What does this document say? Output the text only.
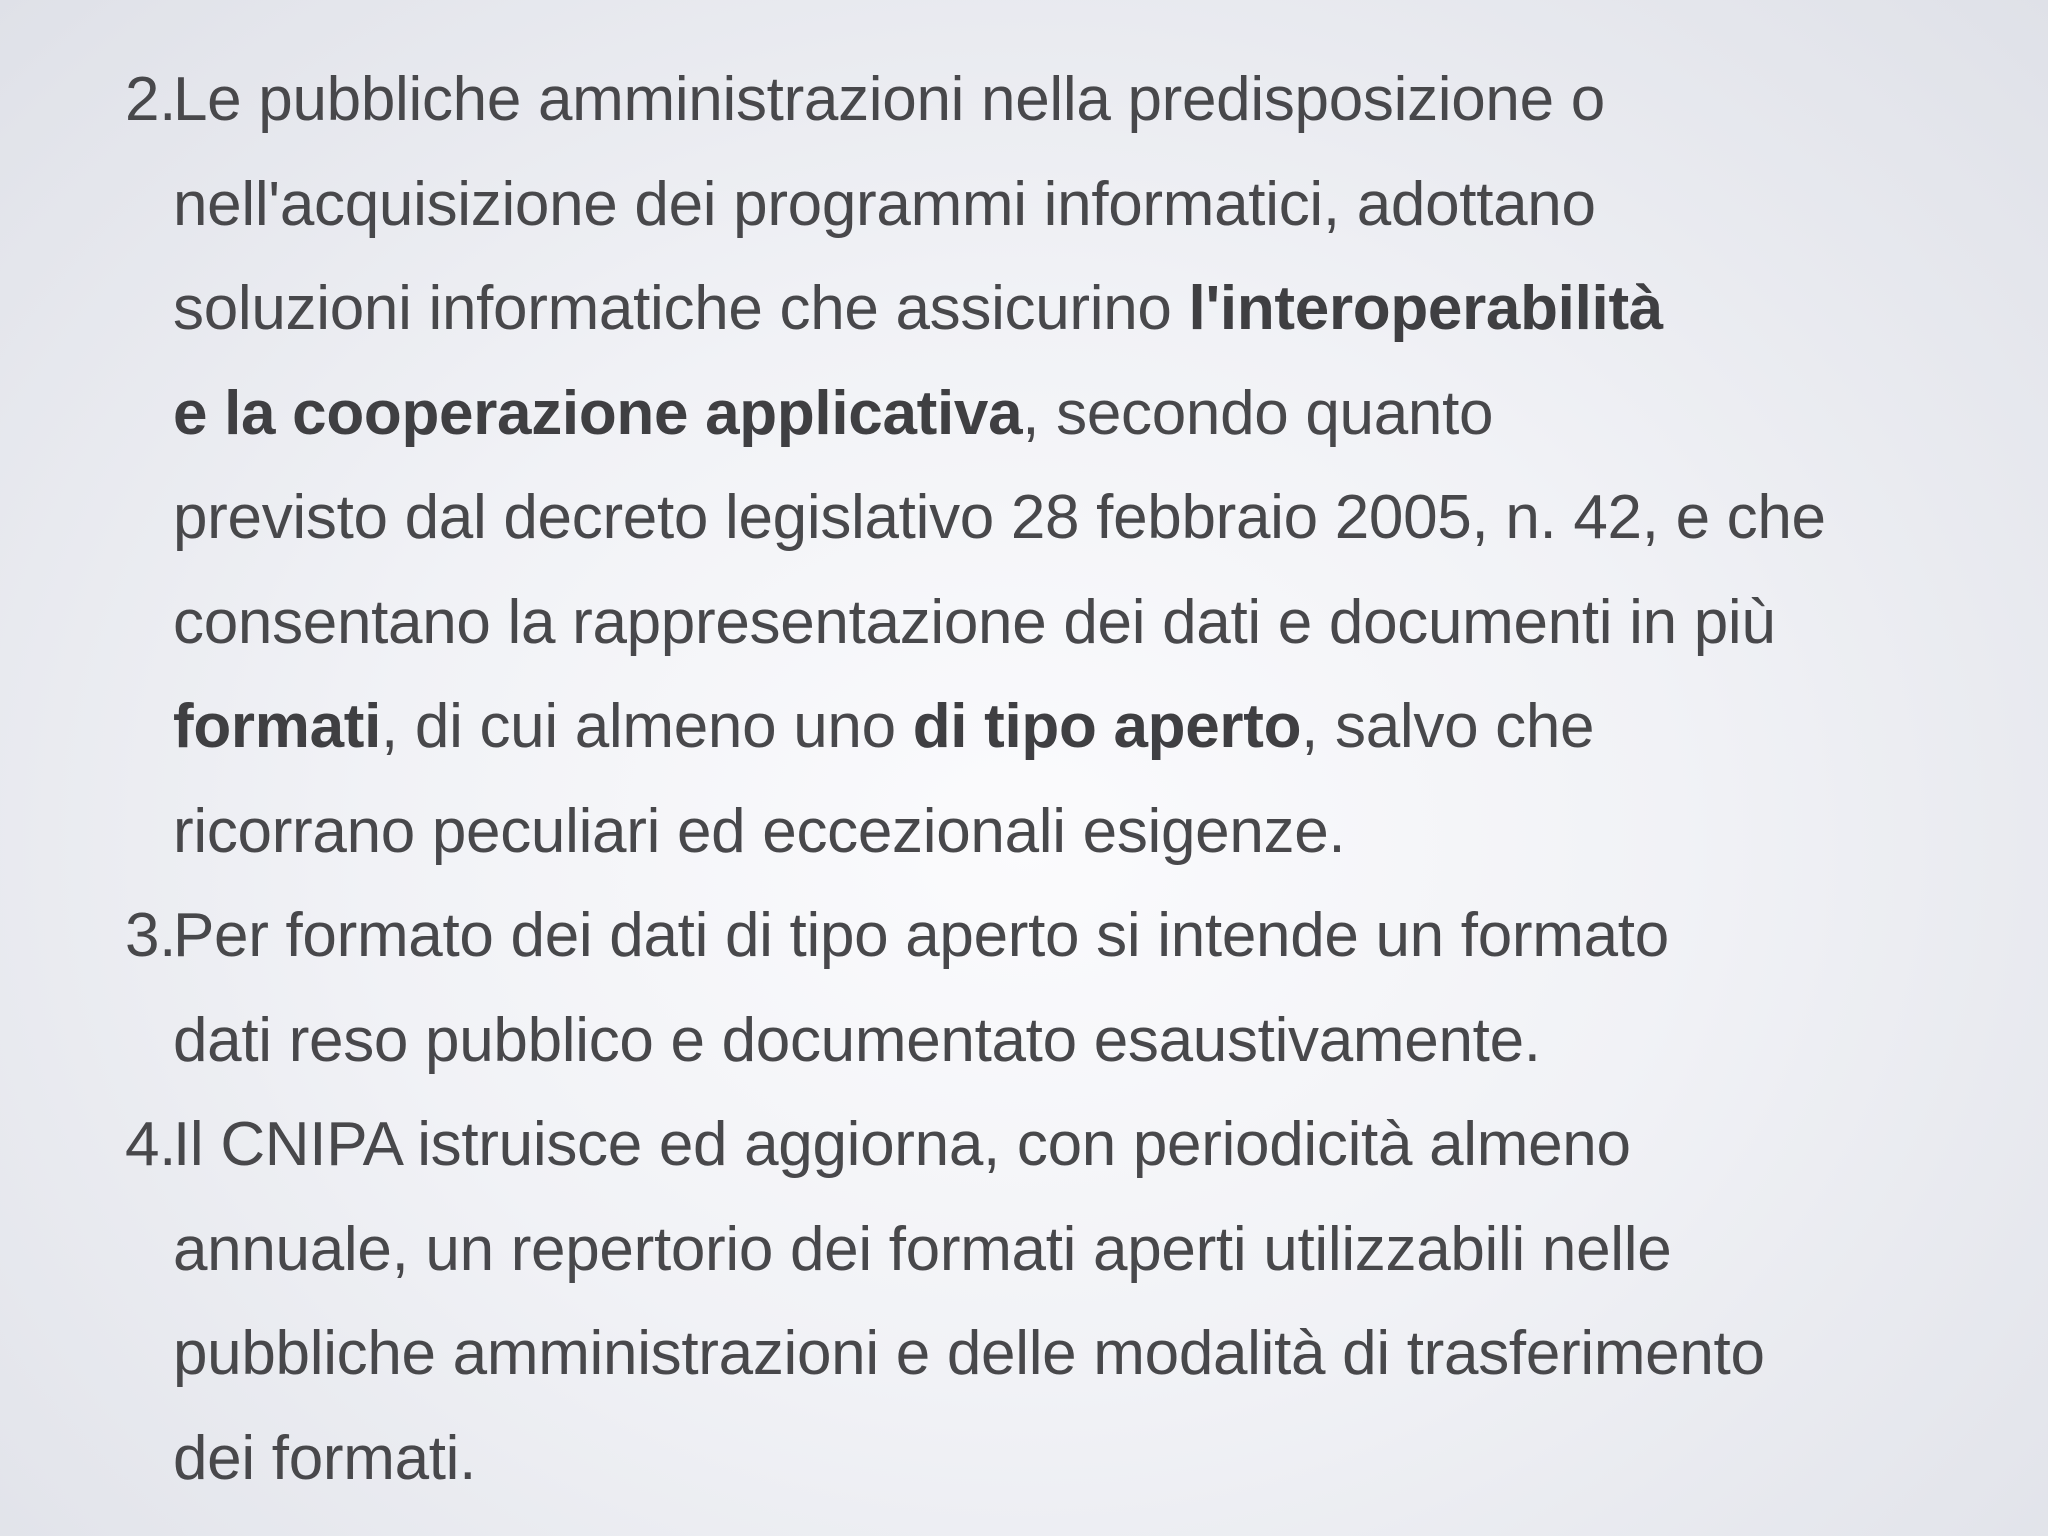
2.
Le pubbliche amministrazioni nella predisposizione o
nell'acquisizione dei programmi informatici, adottano
soluzioni informatiche che assicurino l'interoperabilità
e la cooperazione applicativa, secondo quanto
previsto dal decreto legislativo 28 febbraio 2005, n. 42, e che
consentano la rappresentazione dei dati e documenti in più
formati, di cui almeno uno di tipo aperto, salvo che
ricorrano peculiari ed eccezionali esigenze.
3.
Per formato dei dati di tipo aperto si intende un formato
dati reso pubblico e documentato esaustivamente.
4.
Il CNIPA istruisce ed aggiorna, con periodicità almeno
annuale, un repertorio dei formati aperti utilizzabili nelle
pubbliche amministrazioni e delle modalità di trasferimento
dei formati.
